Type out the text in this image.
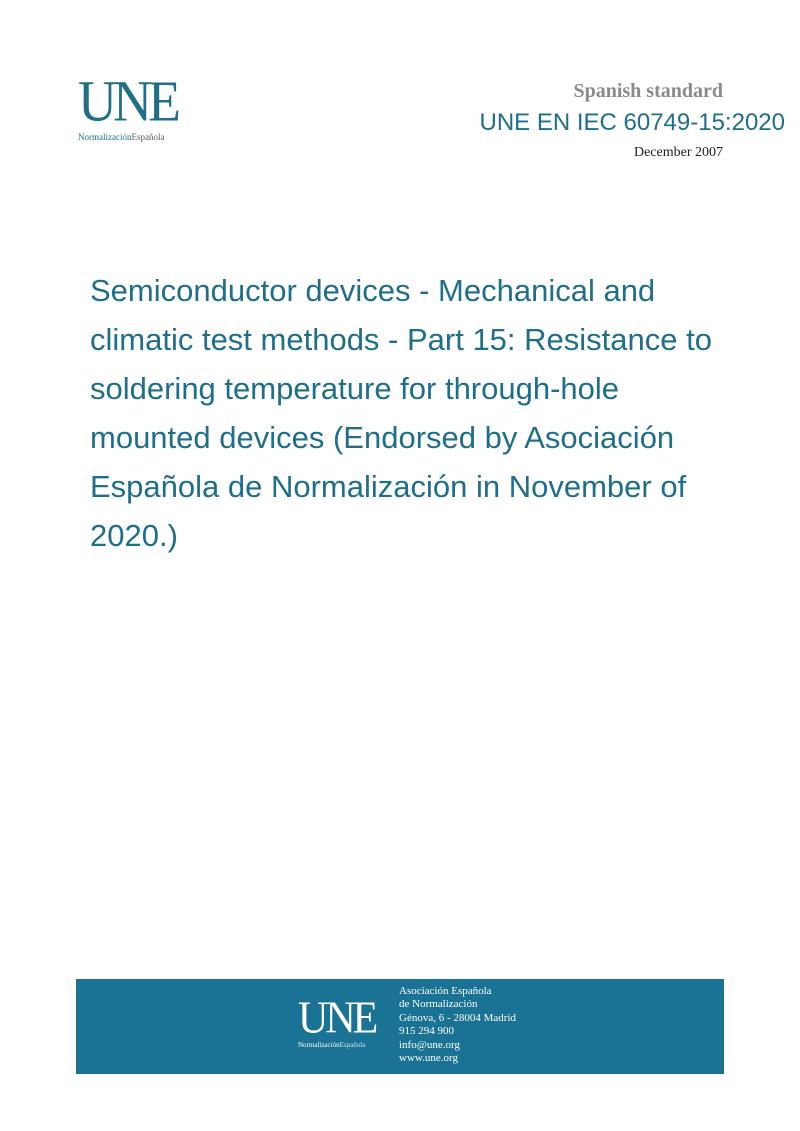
UNE
NormalizaciónEspañola
Spanish standard
UNE EN IEC 60749-15:2020
December 2007
Semiconductor devices - Mechanical and climatic test methods - Part 15: Resistance to soldering temperature for through-hole mounted devices (Endorsed by Asociación Española de Normalización in November of 2020.)
UNE
NormalizaciónEspañola
Asociación Española
de Normalización
Génova, 6 - 28004 Madrid
915 294 900
info@une.org
www.une.org
